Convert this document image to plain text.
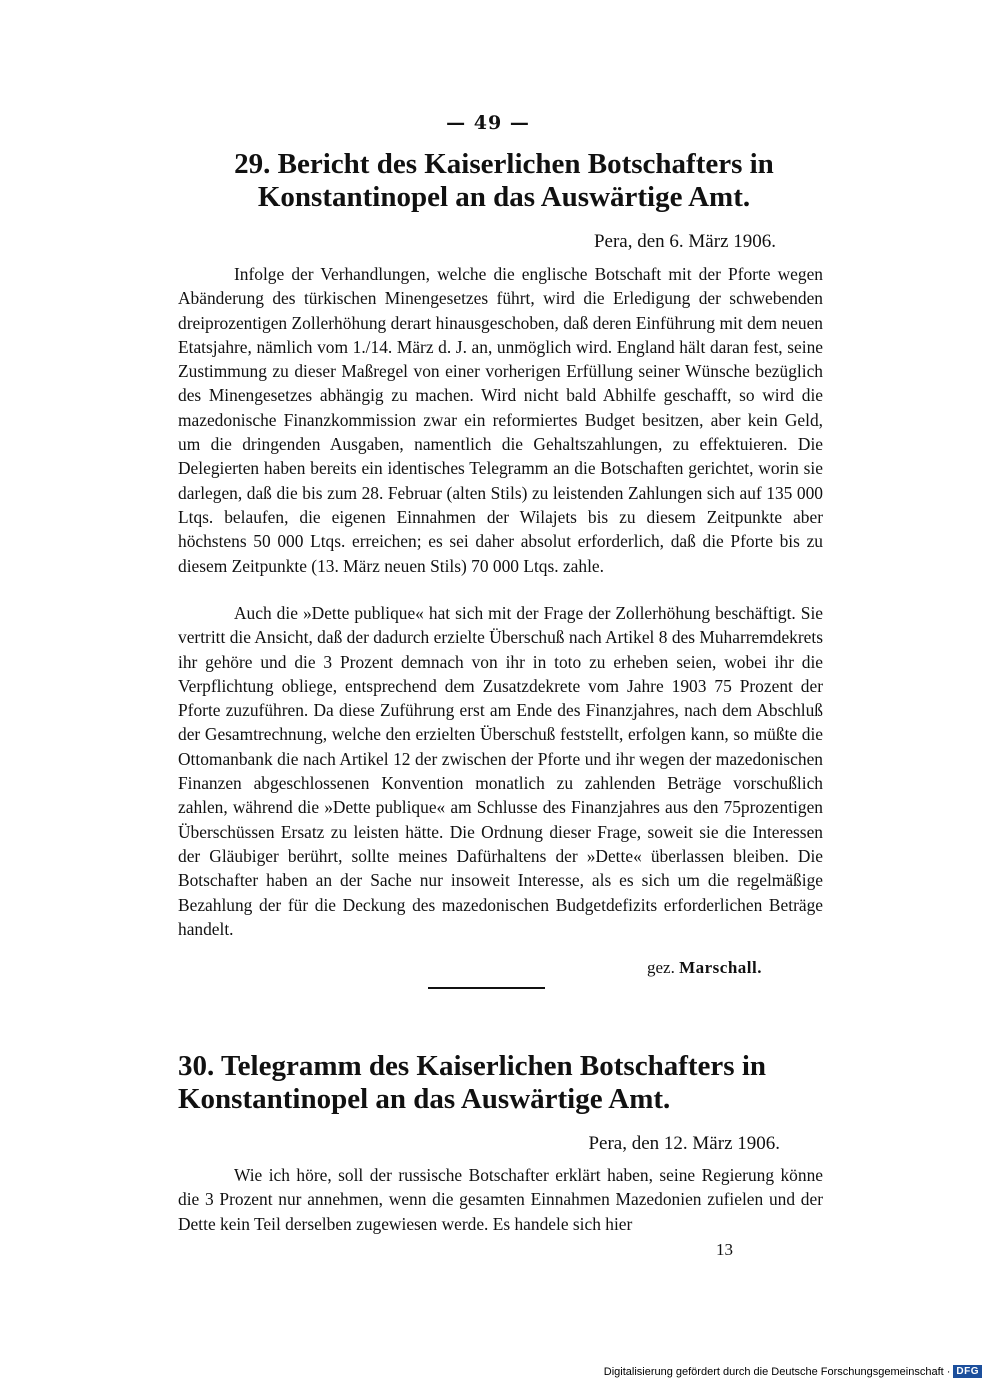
— 49 —
29. Bericht des Kaiserlichen Botschafters in Konstantinopel an das Auswärtige Amt.
Pera, den 6. März 1906.

Infolge der Verhandlungen, welche die englische Botschaft mit der Pforte wegen Abänderung des türkischen Minengesetzes führt, wird die Erledigung der schwebenden dreiprozentigen Zollerhöhung derart hinausgeschoben, daß deren Einführung mit dem neuen Etatsjahre, nämlich vom 1./14. März d. J. an, unmöglich wird. England hält daran fest, seine Zustimmung zu dieser Maßregel von einer vorherigen Erfüllung seiner Wünsche bezüglich des Minengesetzes abhängig zu machen. Wird nicht bald Abhilfe geschafft, so wird die mazedonische Finanzkommission zwar ein reformiertes Budget besitzen, aber kein Geld, um die dringenden Ausgaben, namentlich die Gehaltszahlungen, zu effektuieren. Die Delegierten haben bereits ein identisches Telegramm an die Botschaften gerichtet, worin sie darlegen, daß die bis zum 28. Februar (alten Stils) zu leistenden Zahlungen sich auf 135 000 Ltqs. belaufen, die eigenen Einnahmen der Wilajets bis zu diesem Zeitpunkte aber höchstens 50 000 Ltqs. erreichen; es sei daher absolut erforderlich, daß die Pforte bis zu diesem Zeitpunkte (13. März neuen Stils) 70 000 Ltqs. zahle.

Auch die »Dette publique« hat sich mit der Frage der Zollerhöhung beschäftigt. Sie vertritt die Ansicht, daß der dadurch erzielte Überschuß nach Artikel 8 des Muharremdekrets ihr gehöre und die 3 Prozent demnach von ihr in toto zu erheben seien, wobei ihr die Verpflichtung obliege, entsprechend dem Zusatzdekrete vom Jahre 1903 75 Prozent der Pforte zuzuführen. Da diese Zuführung erst am Ende des Finanzjahres, nach dem Abschluß der Gesamtrechnung, welche den erzielten Überschuß feststellt, erfolgen kann, so müßte die Ottomanbank die nach Artikel 12 der zwischen der Pforte und ihr wegen der mazedonischen Finanzen abgeschlossenen Konvention monatlich zu zahlenden Beträge vorschußlich zahlen, während die »Dette publique« am Schlusse des Finanzjahres aus den 75prozentigen Überschüssen Ersatz zu leisten hätte. Die Ordnung dieser Frage, soweit sie die Interessen der Gläubiger berührt, sollte meines Dafürhaltens der »Dette« überlassen bleiben. Die Botschafter haben an der Sache nur insoweit Interesse, als es sich um die regelmäßige Bezahlung der für die Deckung des mazedonischen Budgetdefizits erforderlichen Beträge handelt.

gez. Marschall.
30. Telegramm des Kaiserlichen Botschafters in Konstantinopel an das Auswärtige Amt.
Pera, den 12. März 1906.

Wie ich höre, soll der russische Botschafter erklärt haben, seine Regierung könne die 3 Prozent nur annehmen, wenn die gesamten Einnahmen Mazedonien zufielen und der Dette kein Teil derselben zugewiesen werde. Es handele sich hier

13
Digitalisierung gefördert durch die Deutsche Forschungsgemeinschaft · DFG
